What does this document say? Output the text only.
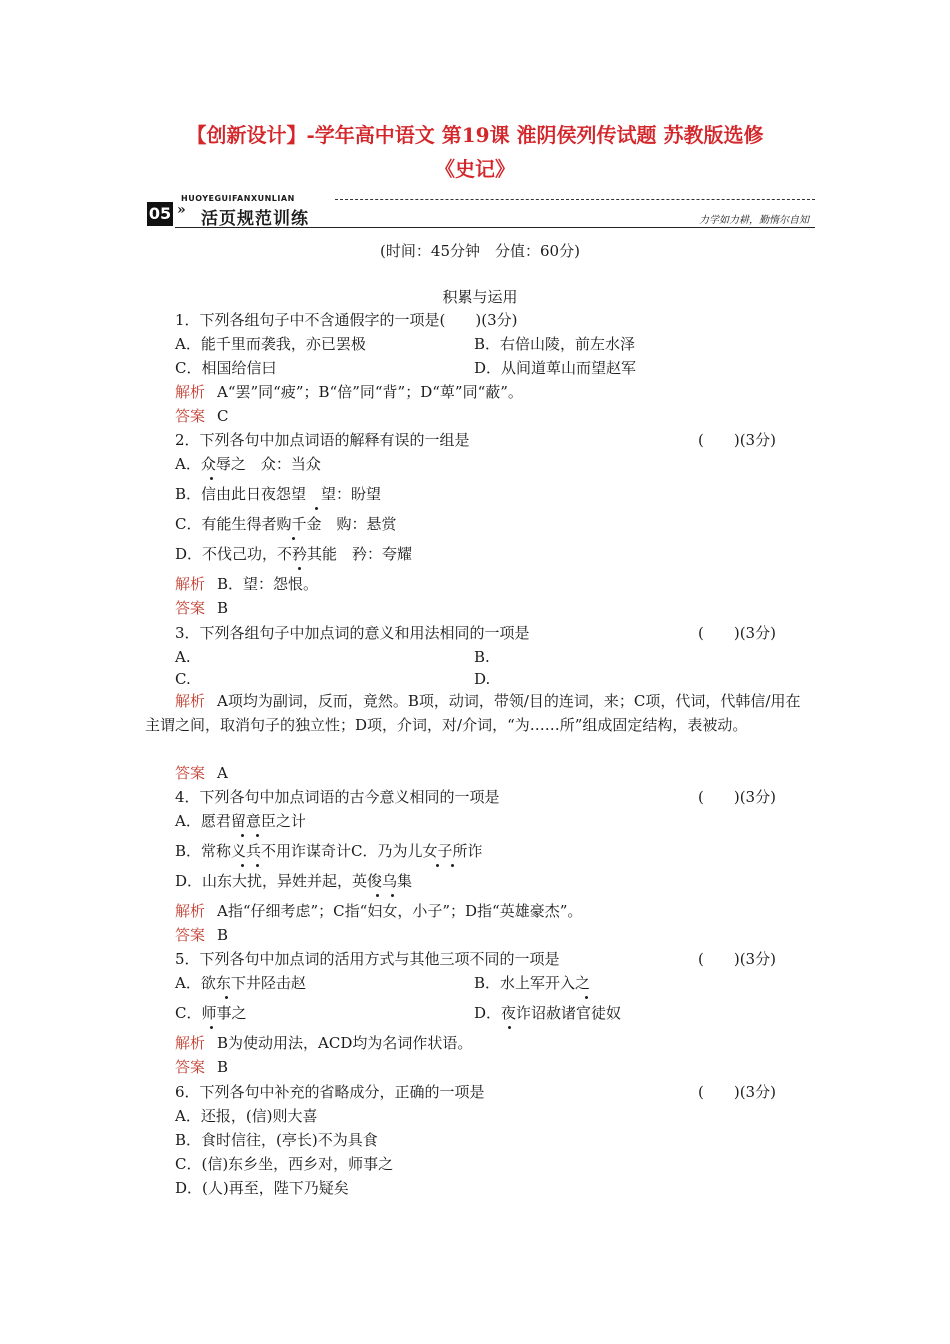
【创新设计】-学年高中语文 第19课 淮阴侯列传试题 苏教版选修
《史记》
05
HUOYEGUIFANXUNLIAN
» 活页规范训练	力学如力耕，勤惰尔自知
(时间：45分钟　分值：60分)
积累与运用
1．下列各组句子中不含通假字的一项是(　　)(3分)
A．能千里而袭我，亦已罢极	B．右倍山陵，前左水泽
C．相国给信曰	D．从间道萆山而望赵军
解析 A“罢”同“疲”；B“倍”同“背”；D“萆”同“蔽”。
答案 C
2．下列各句中加点词语的解释有误的一组是	(　　)(3分)
A．众辱之　众：当众
B．信由此日夜怨望　望：盼望
C．有能生得者购千金　购：悬赏
D．不伐己功，不矜其能　矜：夸耀
解析 B．望：怨恨。
答案 B
3．下列各组句子中加点词的意义和用法相同的一项是	(　　)(3分)
A.	B.
C.	D.
解析 A项均为副词，反而，竟然。B项，动词，带领/目的连词，来；C项，代词，代韩信/用在主谓之间，取消句子的独立性；D项，介词，对/介词，“为……所”组成固定结构，表被动。
答案 A
4．下列各句中加点词语的古今意义相同的一项是	(　　)(3分)
A．愿君留意臣之计
B．常称义兵不用诈谋奇计C．乃为儿女子所诈
D．山东大扰，异姓并起，英俊乌集
解析 A指“仔细考虑”；C指“妇女，小子”；D指“英雄豪杰”。
答案 B
5．下列各句中加点词的活用方式与其他三项不同的一项是	(　　)(3分)
A．欲东下井陉击赵	B．水上军开入之
C．师事之	D．夜诈诏赦诸官徒奴
解析 B为使动用法，ACD均为名词作状语。
答案 B
6．下列各句中补充的省略成分，正确的一项是	(　　)(3分)
A．还报，(信)则大喜
B．食时信往，(亭长)不为具食
C．(信)东乡坐，西乡对，师事之
D．(人)再至，陛下乃疑矣
